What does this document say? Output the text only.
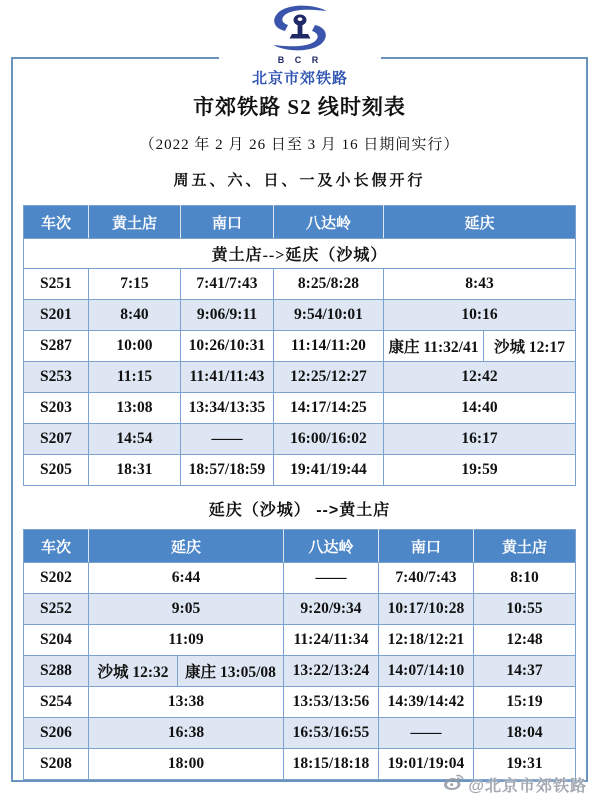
市郊铁路 S2 线时刻表
（2022 年 2 月 26 日至 3 月 16 日期间实行）
周五、六、日、一及小长假开行
黄土店-->延庆（沙城）					
车次	黄土店	南口	八达岭	延庆	
S251	7:15	7:41/7:43	8:25/8:28	8:43	
S201	8:40	9:06/9:11	9:54/10:01	10:16	
S287	10:00	10:26/10:31	11:14/11:20	康庄 11:32/41	沙城 12:17
S253	11:15	11:41/11:43	12:25/12:27	12:42	
S203	13:08	13:34/13:35	14:17/14:25	14:40	
S207	14:54	——	16:00/16:02	16:17	
S205	18:31	18:57/18:59	19:41/19:44	19:59	
延庆（沙城） -->黄土店
车次	延庆		八达岭	南口	黄土店
S202	6:44		——	7:40/7:43	8:10
S252	9:05		9:20/9:34	10:17/10:28	10:55
S204	11:09		11:24/11:34	12:18/12:21	12:48
S288	沙城 12:32	康庄 13:05/08	13:22/13:24	14:07/14:10	14:37
S254	13:38		13:53/13:56	14:39/14:42	15:19
S206	16:38		16:53/16:55	——	18:04
S208	18:00		18:15/18:18	19:01/19:04	19:31
B C R
北京市郊铁路
@北京市郊铁路
